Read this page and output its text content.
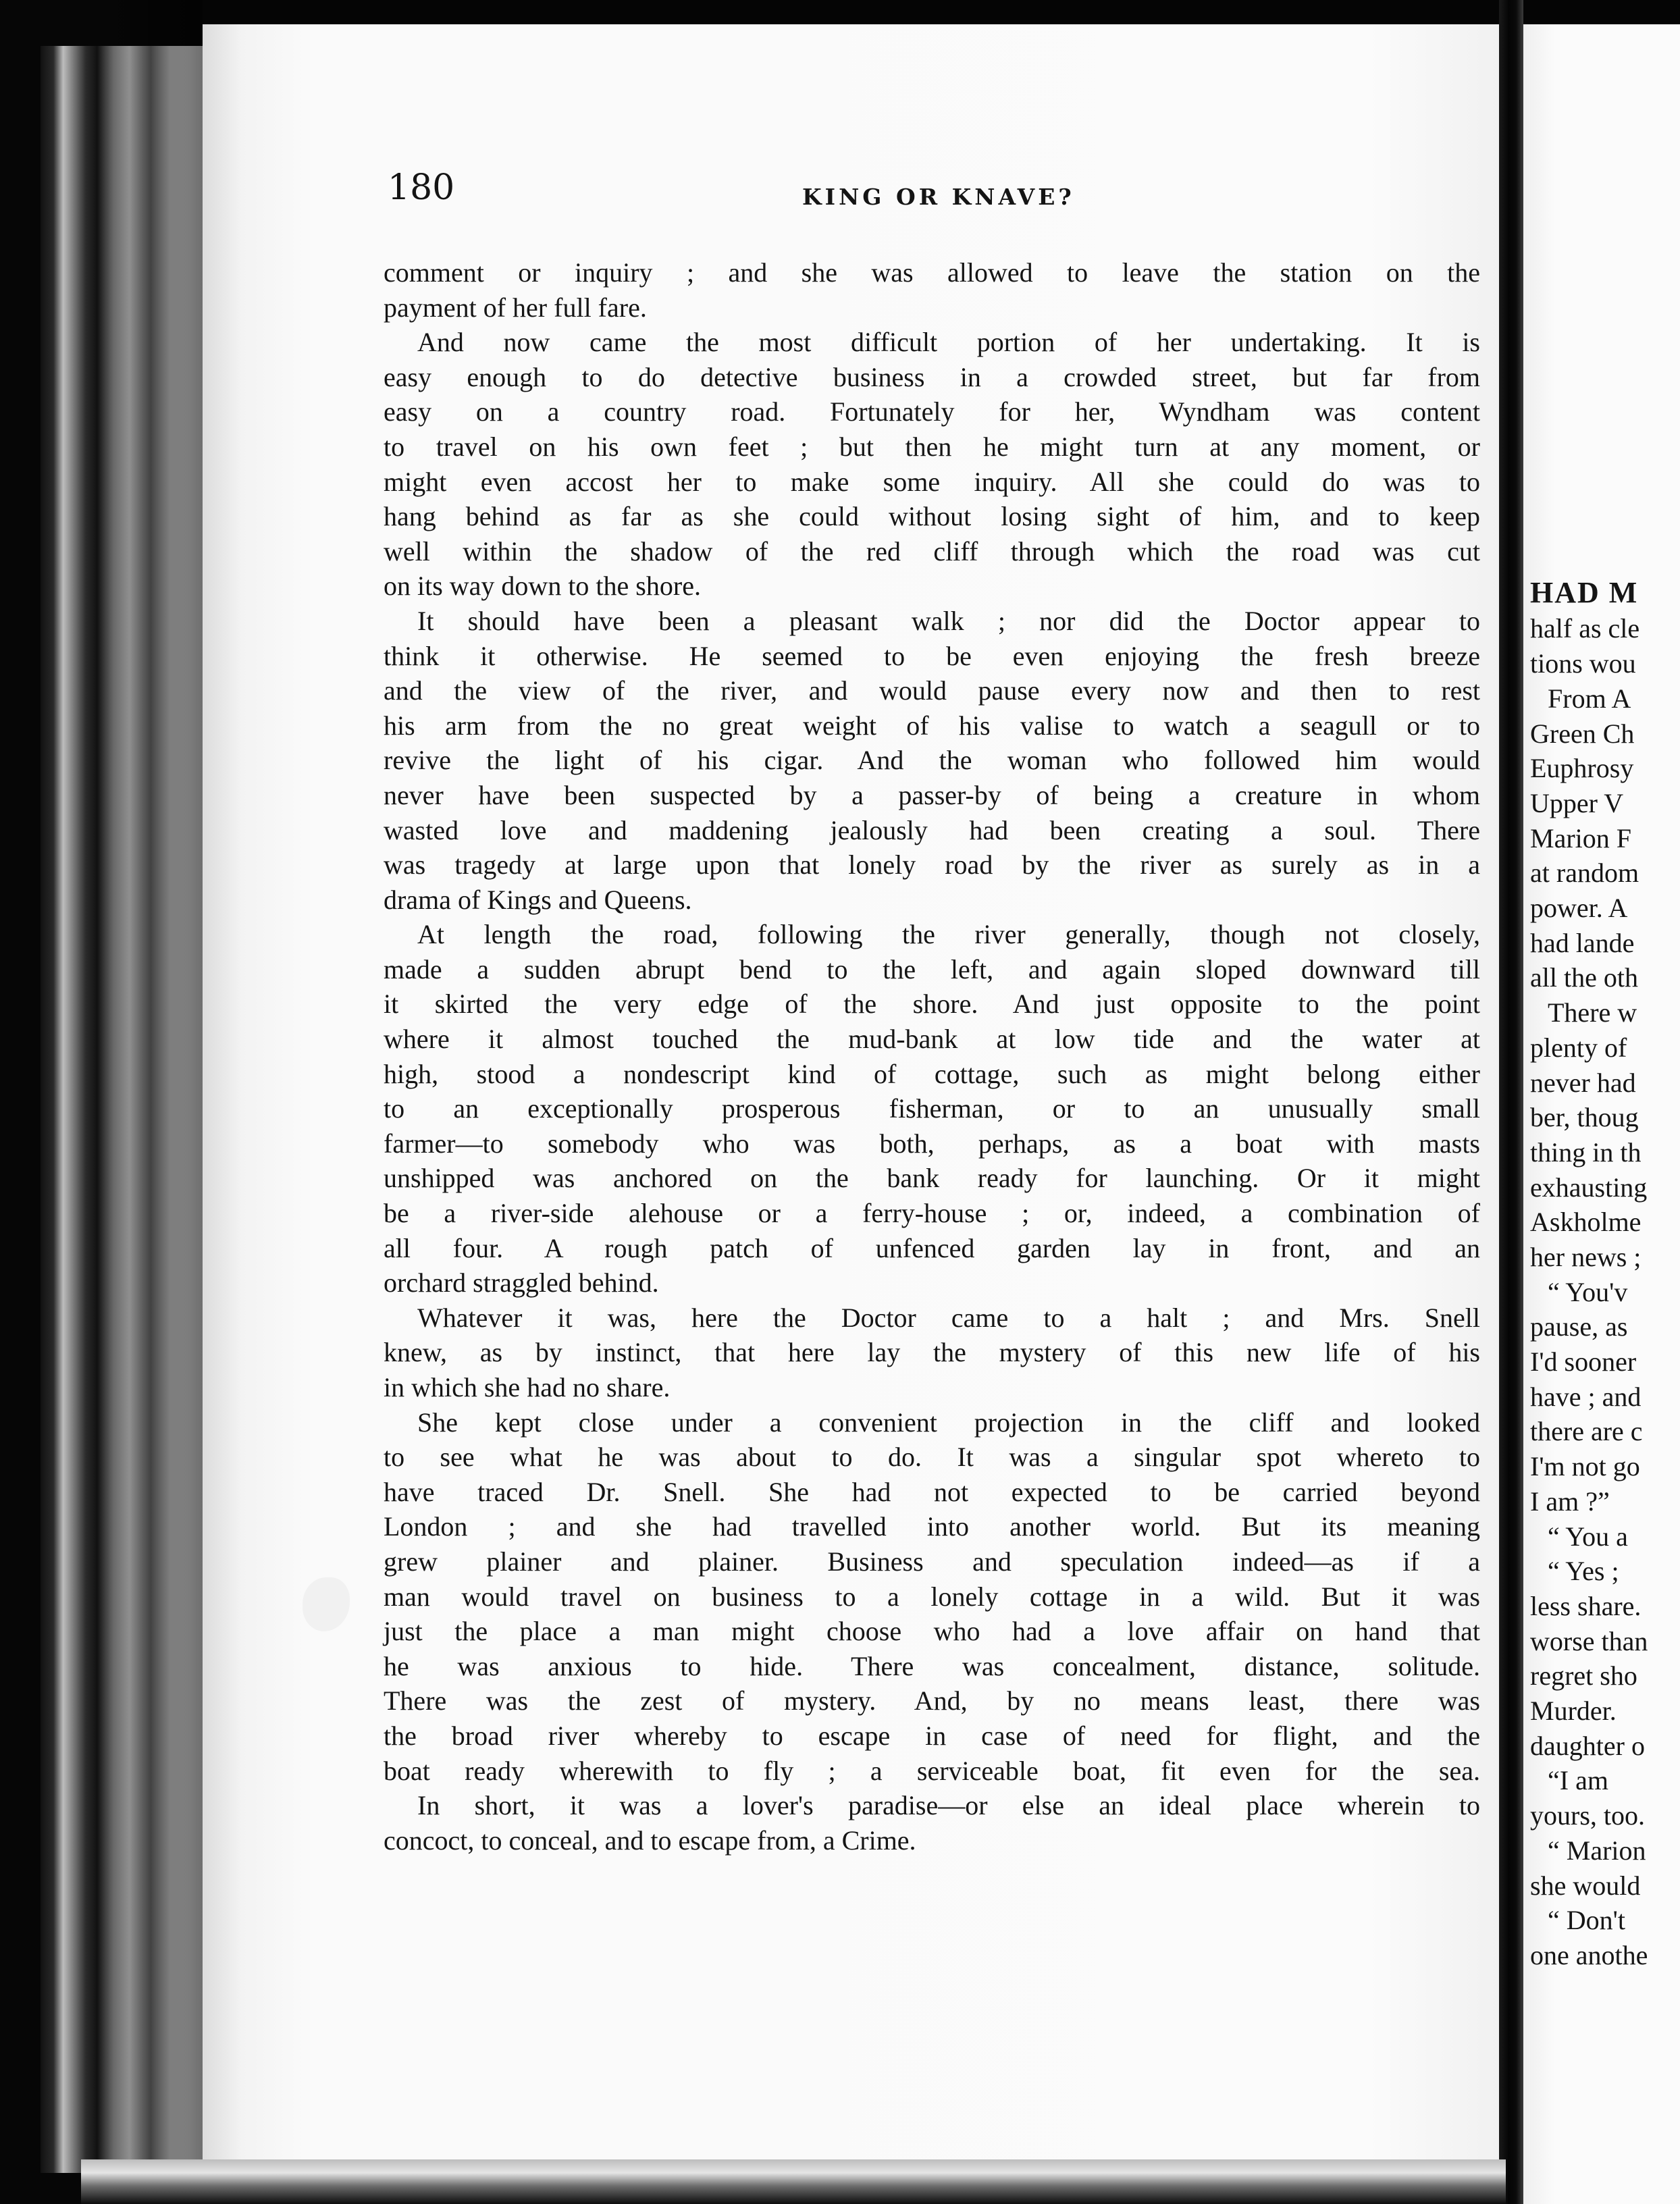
180	KING OR KNAVE?
comment or inquiry ; and she was allowed to leave the station on the
payment of her full fare.
And now came the most difficult portion of her undertaking. It is
easy enough to do detective business in a crowded street, but far from
easy on a country road. Fortunately for her, Wyndham was content
to travel on his own feet ; but then he might turn at any moment, or
might even accost her to make some inquiry. All she could do was to
hang behind as far as she could without losing sight of him, and to keep
well within the shadow of the red cliff through which the road was cut
on its way down to the shore.
It should have been a pleasant walk ; nor did the Doctor appear to
think it otherwise. He seemed to be even enjoying the fresh breeze
and the view of the river, and would pause every now and then to rest
his arm from the no great weight of his valise to watch a seagull or to
revive the light of his cigar. And the woman who followed him would
never have been suspected by a passer-by of being a creature in whom
wasted love and maddening jealously had been creating a soul. There
was tragedy at large upon that lonely road by the river as surely as in a
drama of Kings and Queens.
At length the road, following the river generally, though not closely,
made a sudden abrupt bend to the left, and again sloped downward till
it skirted the very edge of the shore. And just opposite to the point
where it almost touched the mud-bank at low tide and the water at
high, stood a nondescript kind of cottage, such as might belong either
to an exceptionally prosperous fisherman, or to an unusually small
farmer—to somebody who was both, perhaps, as a boat with masts
unshipped was anchored on the bank ready for launching. Or it might
be a river-side alehouse or a ferry-house ; or, indeed, a combination of
all four. A rough patch of unfenced garden lay in front, and an
orchard straggled behind.
Whatever it was, here the Doctor came to a halt ; and Mrs. Snell
knew, as by instinct, that here lay the mystery of this new life of his
in which she had no share.
She kept close under a convenient projection in the cliff and looked
to see what he was about to do. It was a singular spot whereto to
have traced Dr. Snell. She had not expected to be carried beyond
London ; and she had travelled into another world. But its meaning
grew plainer and plainer. Business and speculation indeed—as if a
man would travel on business to a lonely cottage in a wild. But it was
just the place a man might choose who had a love affair on hand that
he was anxious to hide. There was concealment, distance, solitude.
There was the zest of mystery. And, by no means least, there was
the broad river whereby to escape in case of need for flight, and the
boat ready wherewith to fly ; a serviceable boat, fit even for the sea.
In short, it was a lover's paradise—or else an ideal place wherein to
concoct, to conceal, and to escape from, a Crime.
HAD M
half as cle
tions wou
From A
Green Ch
Euphrosy
Upper V
Marion F
at random
power. A
had lande
all the oth
There w
plenty of
never had
ber, thoug
thing in th
exhausting
Askholme
her news ;
“ You'v
pause, as
I'd sooner
have ; and
there are c
I'm not go
I am ?”
“ You a
“ Yes ;
less share.
worse than
regret sho
Murder.
daughter o
“I am
yours, too.
“ Marion
she would
“ Don't
one anothe
